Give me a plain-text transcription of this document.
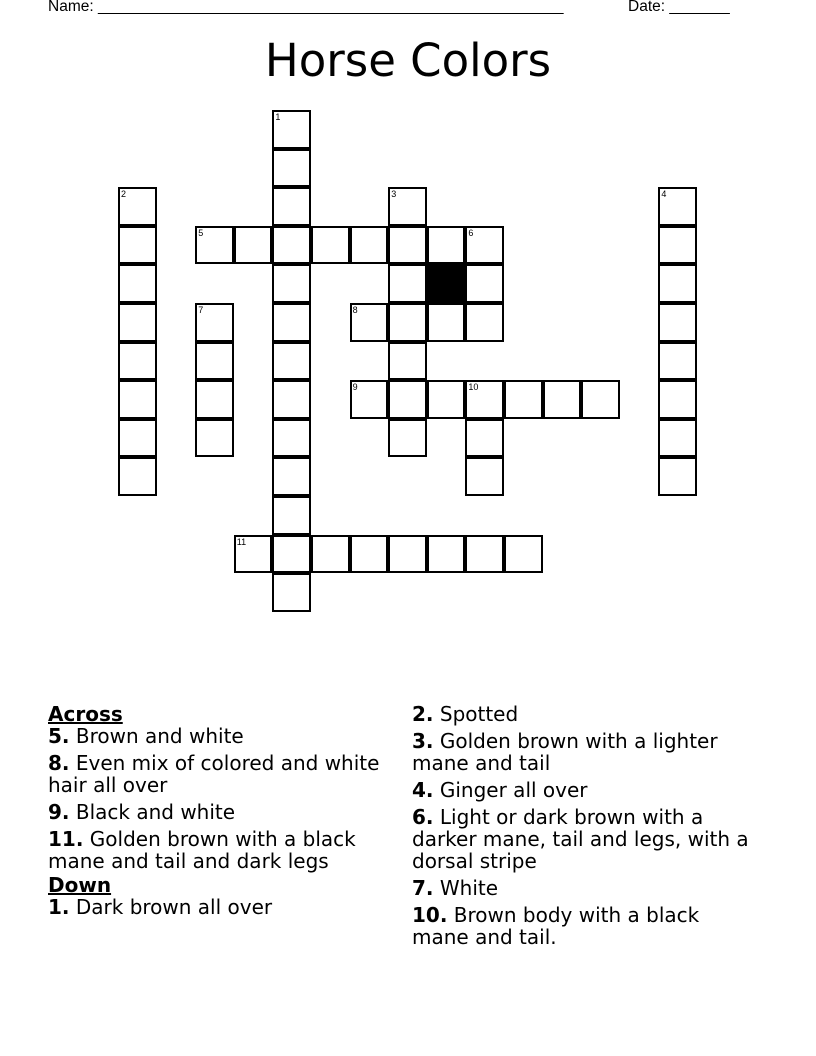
Name: ______________________________________________________	Date: _______
Horse Colors
1
2
5	6
3
8
9	10
7
4
11
Across
5. Brown and white
8. Even mix of colored and white hair all over
9. Black and white
11. Golden brown with a black mane and tail and dark legs
Down
1. Dark brown all over
2. Spotted
3. Golden brown with a lighter mane and tail
4. Ginger all over
6. Light or dark brown with a darker mane, tail and legs, with a dorsal stripe
7. White
10. Brown body with a black mane and tail.
